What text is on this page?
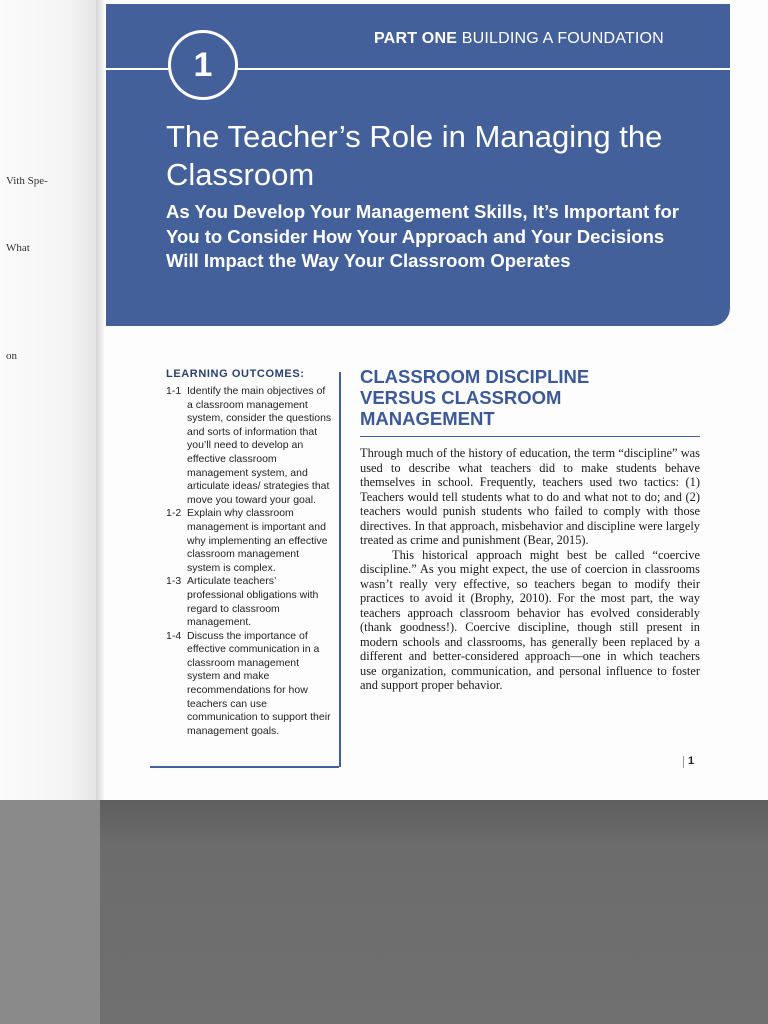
Vith Spe-
What
on
PART ONE BUILDING A FOUNDATION
1
The Teacher’s Role in Managing the Classroom

As You Develop Your Management Skills, It’s Important for You to Consider How Your Approach and Your Decisions Will Impact the Way Your Classroom Operates

LEARNING OUTCOMES:
1-1 Identify the main objectives of a classroom management system, consider the questions and sorts of information that you’ll need to develop an effective classroom management system, and articulate ideas/ strategies that move you toward your goal.
1-2 Explain why classroom management is important and why implementing an effective classroom management system is complex.
1-3 Articulate teachers’ professional obligations with regard to classroom management.
1-4 Discuss the importance of effective communication in a classroom management system and make recommendations for how teachers can use communication to support their management goals.
CLASSROOM DISCIPLINE VERSUS CLASSROOM MANAGEMENT

Through much of the history of education, the term “discipline” was used to describe what teachers did to make students behave themselves in school. Frequently, teachers used two tactics: (1) Teachers would tell students what to do and what not to do; and (2) teachers would punish students who failed to comply with those directives. In that approach, misbehavior and discipline were largely treated as crime and punishment (Bear, 2015).

This historical approach might best be called “coercive discipline.” As you might expect, the use of coercion in classrooms wasn’t really very effective, so teachers began to modify their practices to avoid it (Brophy, 2010). For the most part, the way teachers approach classroom behavior has evolved considerably (thank goodness!). Coercive discipline, though still present in modern schools and classrooms, has generally been replaced by a different and better-considered approach—one in which teachers use organization, communication, and personal influence to foster and support proper behavior.

1
